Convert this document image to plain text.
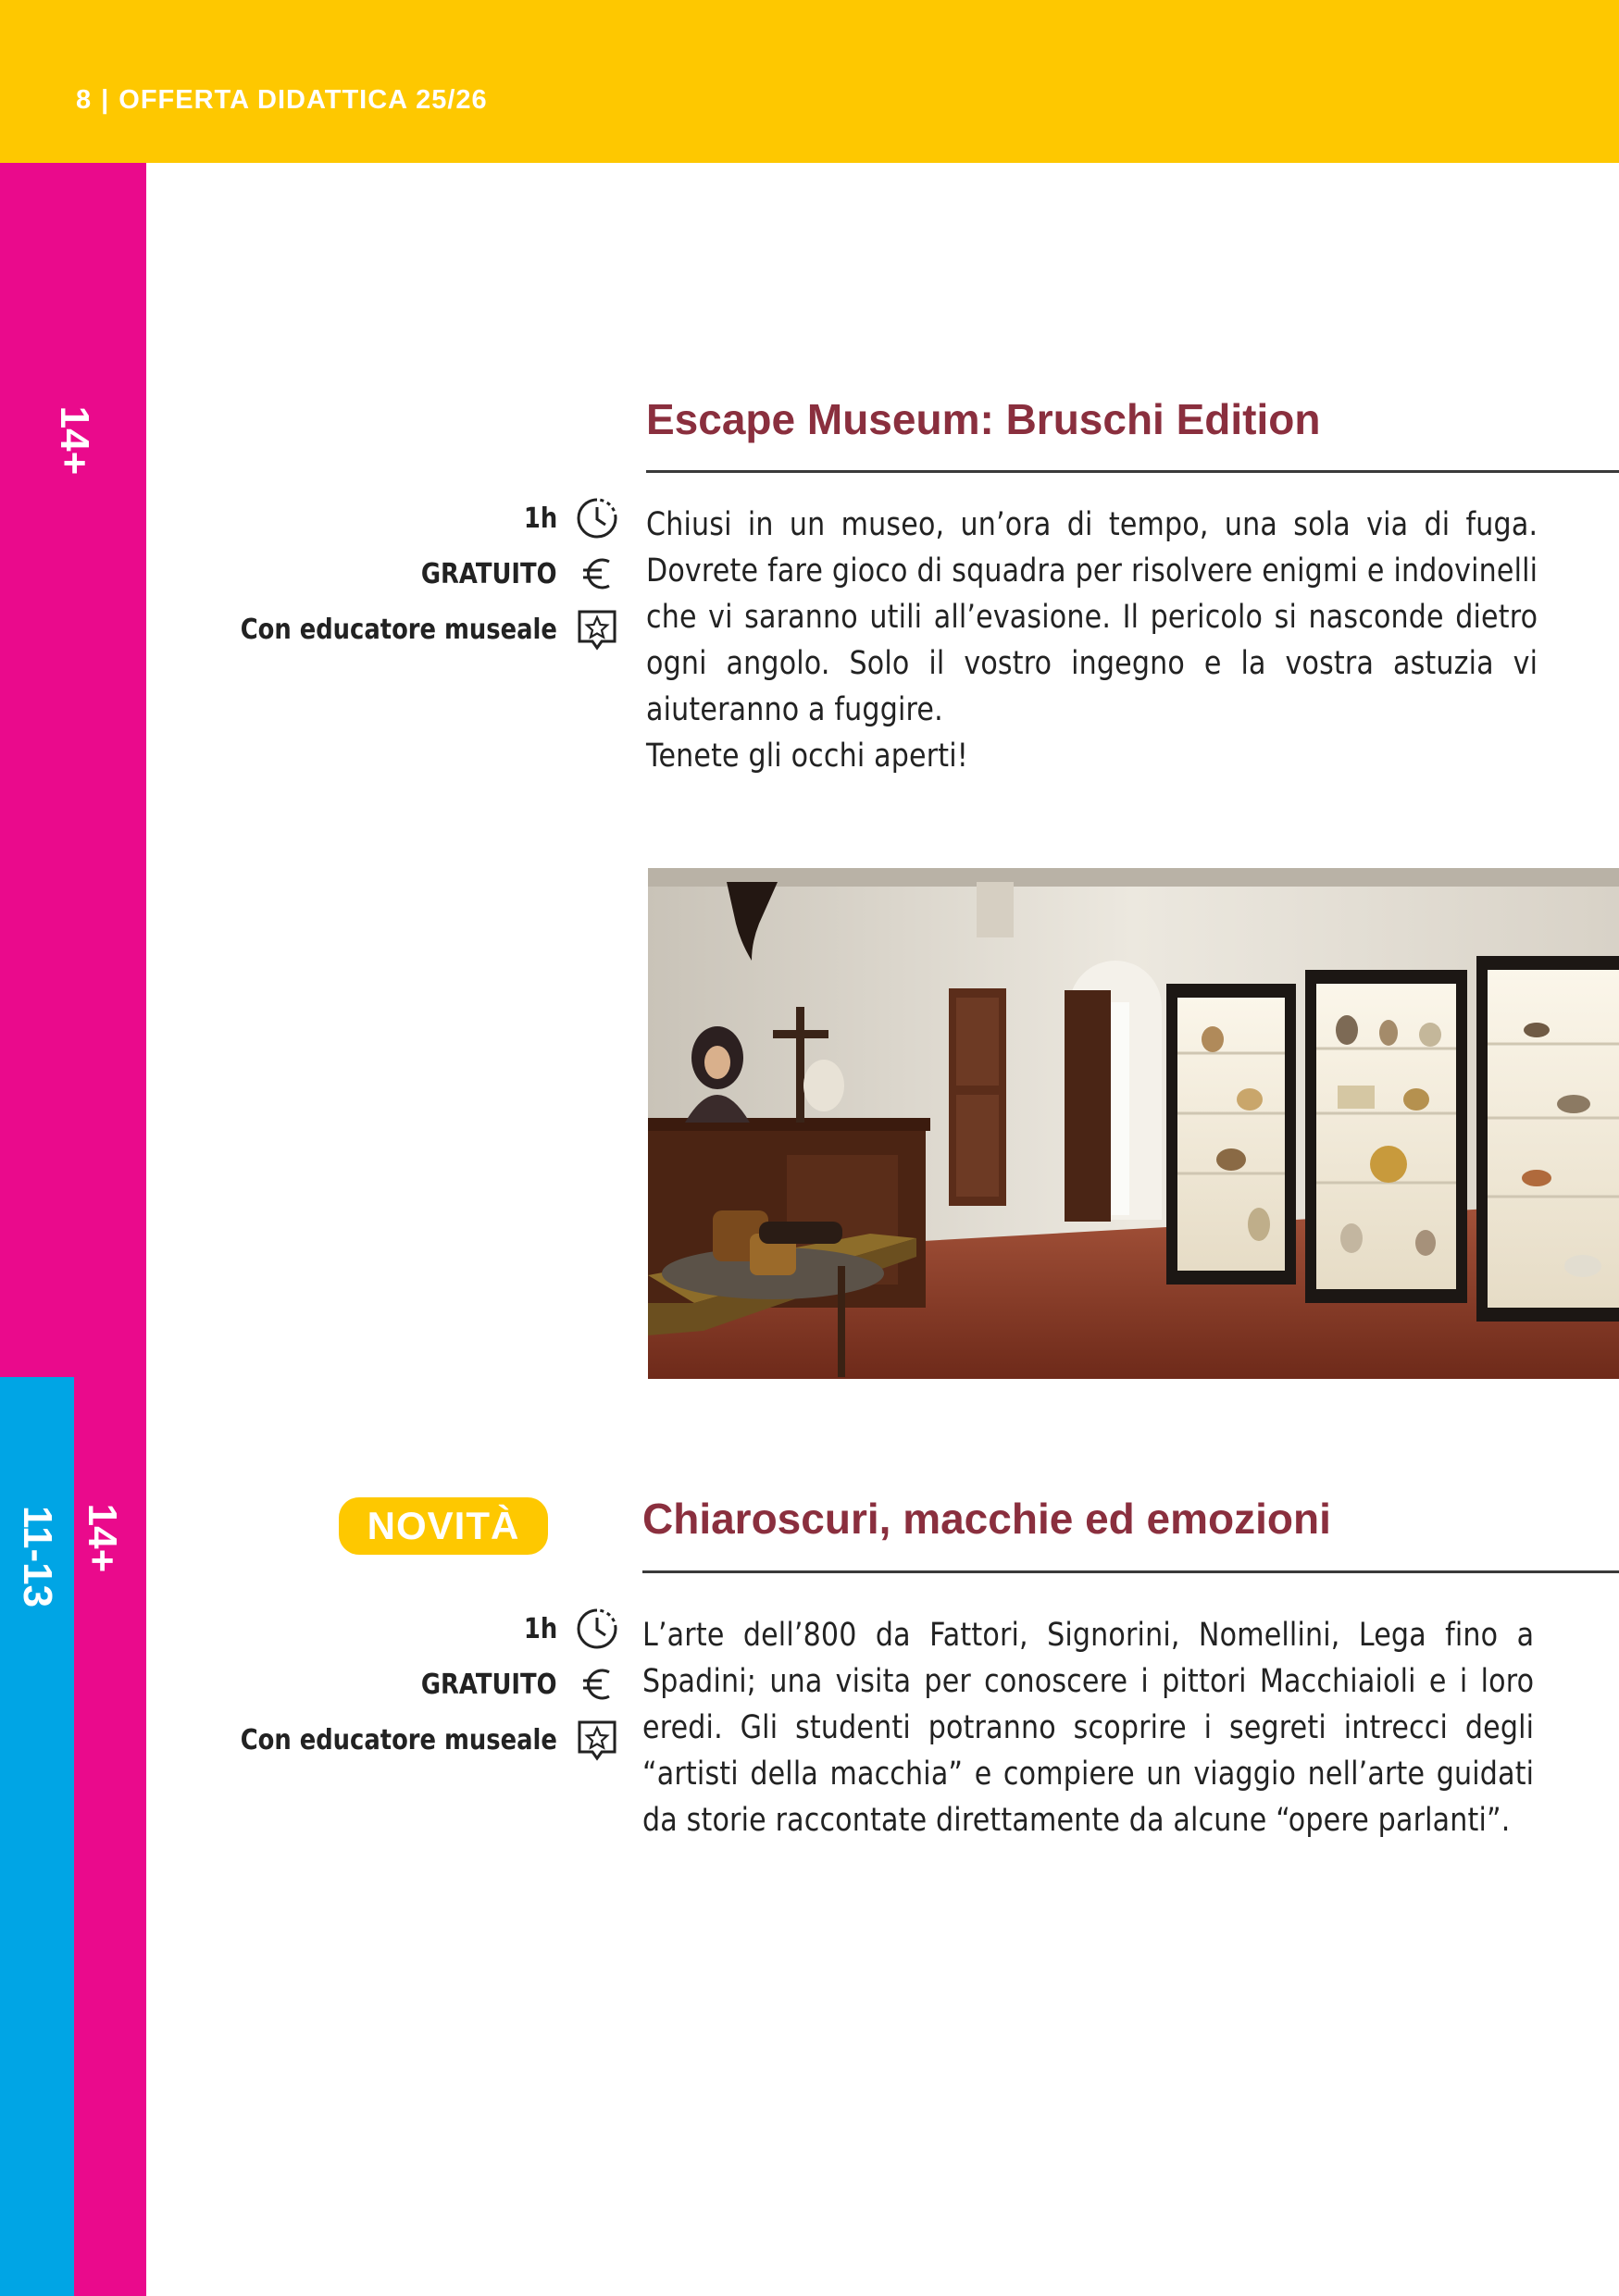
8 | OFFERTA DIDATTICA 25/26
14+
14+
11-13
Escape Museum: Bruschi Edition
1h
GRATUITO
Con educatore museale

Chiusi in un museo, un’ora di tempo, una sola via di fuga. Dovrete fare gioco di squadra per risolvere enigmi e indovinelli che vi saranno utili all’evasione. Il pericolo si nasconde dietro ogni angolo. Solo il vostro ingegno e la vostra astuzia vi aiuteranno a fuggire.

Tenete gli occhi aperti!

NOVITÀ	Chiaroscuri, macchie ed emozioni
1h
GRATUITO
Con educatore museale

L’arte dell’800 da Fattori, Signorini, Nomellini, Lega fino a Spadini; una visita per conoscere i pittori Macchiaioli e i loro eredi. Gli studenti potranno scoprire i segreti intrecci degli “artisti della macchia” e compiere un viaggio nell’arte guidati da storie raccontate direttamente da alcune “opere parlanti”.
